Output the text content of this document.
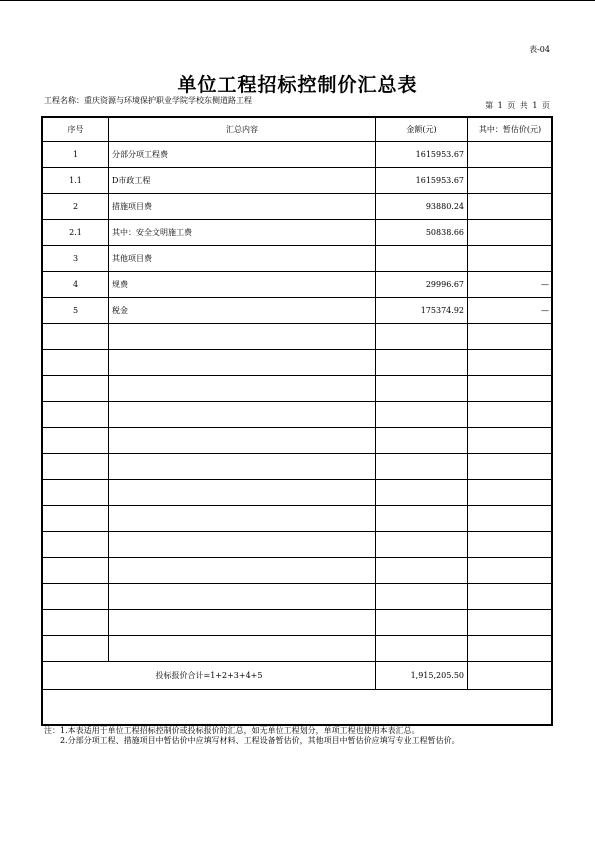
表-04
单位工程招标控制价汇总表
工程名称：重庆资源与环境保护职业学院学校东侧道路工程
第 1 页 共 1 页
序号	汇总内容	金额(元)	其中：暂估价(元)
1	分部分项工程费	1615953.67	
1.1	D市政工程	1615953.67	
2	措施项目费	93880.24	
2.1	其中：安全文明施工费	50838.66	
3	其他项目费		
4	规费	29996.67	—
5	税金	175374.92	—

投标报价合计=1+2+3+4+5		1,915,205.50	
注：1.本表适用于单位工程招标控制价或投标报价的汇总，如无单位工程划分，单项工程也使用本表汇总。
2.分部分项工程、措施项目中暂估价中应填写材料、工程设备暂估价，其他项目中暂估价应填写专业工程暂估价。
